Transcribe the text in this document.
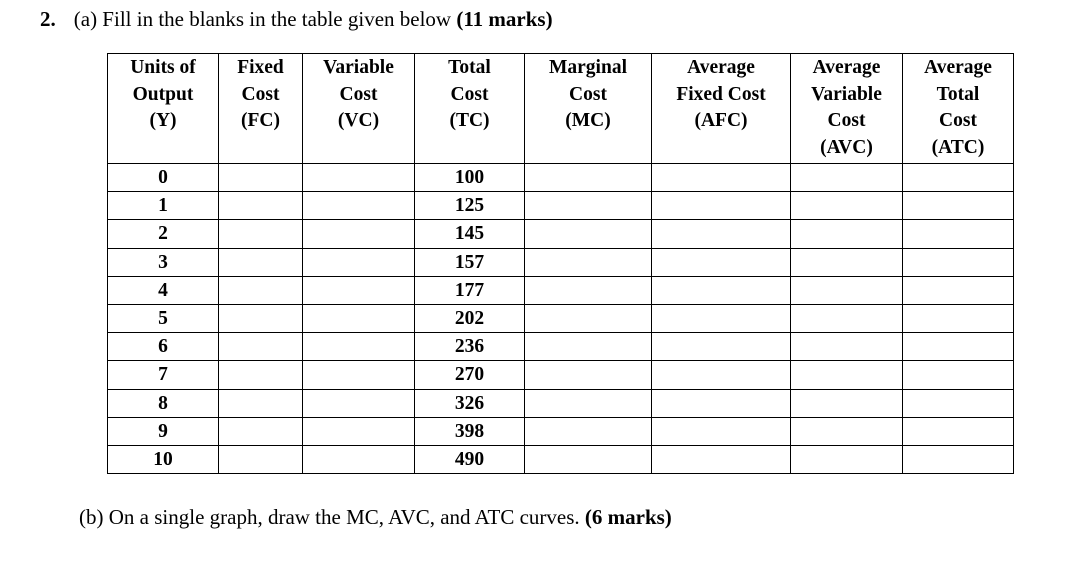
2. (a) Fill in the blanks in the table given below (11 marks)
Units of
Output
(Y)	Fixed
Cost
(FC)	Variable
Cost
(VC)	Total
Cost
(TC)	Marginal
Cost
(MC)	Average
Fixed Cost
(AFC)	Average
Variable
Cost
(AVC)	Average
Total
Cost
(ATC)

0			100				
1			125				
2			145				
3			157				
4			177				
5			202				
6			236				
7			270				
8			326				
9			398				
10			490				
(b) On a single graph, draw the MC, AVC, and ATC curves. (6 marks)
